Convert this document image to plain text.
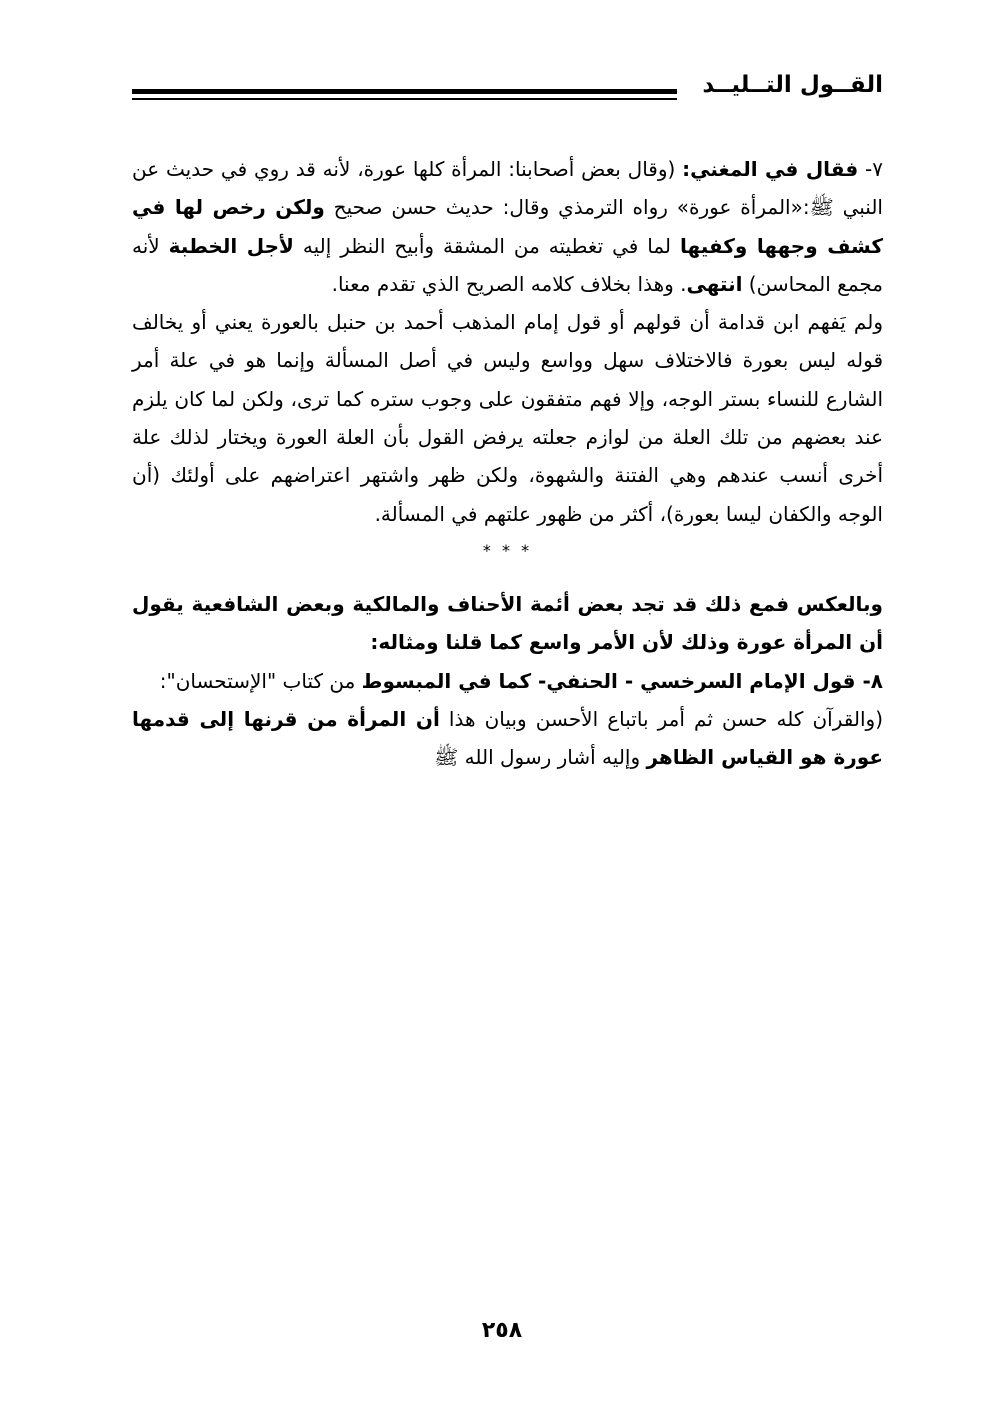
القــول التــليــد

٧- فقال في المغني: (وقال بعض أصحابنا: المرأة كلها عورة، لأنه قد روي في حديث عن النبي ﷺ:«المرأة عورة» رواه الترمذي وقال: حديث حسن صحيح ولكن رخص لها في كشف وجهها وكفيها لما في تغطيته من المشقة وأبيح النظر إليه لأجل الخطبة لأنه مجمع المحاسن) انتهى. وهذا بخلاف كلامه الصريح الذي تقدم معنا.

ولم يَفهم ابن قدامة أن قولهم أو قول إمام المذهب أحمد بن حنبل بالعورة يعني أو يخالف قوله ليس بعورة فالاختلاف سهل وواسع وليس في أصل المسألة وإنما هو في علة أمر الشارع للنساء بستر الوجه، وإلا فهم متفقون على وجوب ستره كما ترى، ولكن لما كان يلزم عند بعضهم من تلك العلة من لوازم جعلته يرفض القول بأن العلة العورة ويختار لذلك علة أخرى أنسب عندهم وهي الفتنة والشهوة، ولكن ظهر واشتهر اعتراضهم على أولئك (أن الوجه والكفان ليسا بعورة)، أكثر من ظهور علتهم في المسألة.

* * *

وبالعكس فمع ذلك قد تجد بعض أئمة الأحناف والمالكية وبعض الشافعية يقول أن المرأة عورة وذلك لأن الأمر واسع كما قلنا ومثاله:

٨- قول الإمام السرخسي - الحنفي- كما في المبسوط من كتاب "الإستحسان":

(والقرآن كله حسن ثم أمر باتباع الأحسن وبيان هذا أن المرأة من قرنها إلى قدمها عورة هو القياس الظاهر وإليه أشار رسول الله ﷺ

٢٥٨
